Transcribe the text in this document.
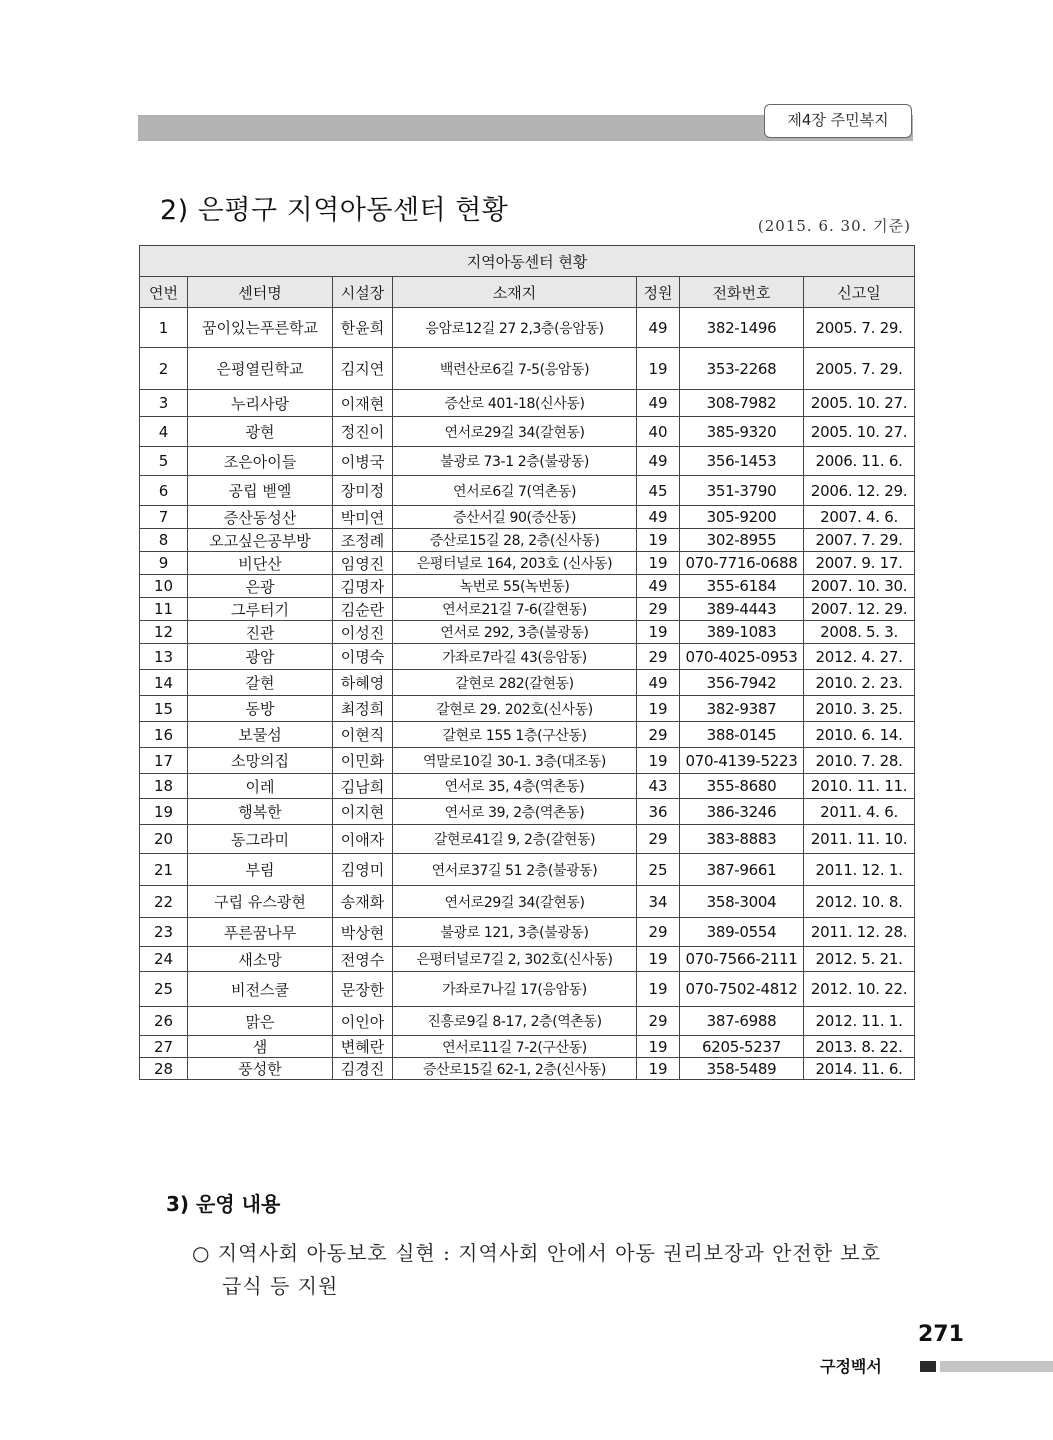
제4장 주민복지
2) 은평구 지역아동센터 현황	(2015. 6. 30. 기준)
지역아동센터 현황						
연번	센터명	시설장	소재지	정원	전화번호	신고일
1	꿈이있는푸른학교	한윤희	응암로12길 27 2,3층(응암동)	49	382-1496	2005. 7. 29.
2	은평열린학교	김지연	백련산로6길 7-5(응암동)	19	353-2268	2005. 7. 29.
3	누리사랑	이재현	증산로 401-18(신사동)	49	308-7982	2005. 10. 27.
4	광현	정진이	연서로29길 34(갈현동)	40	385-9320	2005. 10. 27.
5	조은아이들	이병국	불광로 73-1 2층(불광동)	49	356-1453	2006. 11. 6.
6	공립 벧엘	장미정	연서로6길 7(역촌동)	45	351-3790	2006. 12. 29.
7	증산동성산	박미연	증산서길 90(증산동)	49	305-9200	2007. 4. 6.
8	오고싶은공부방	조정례	증산로15길 28, 2층(신사동)	19	302-8955	2007. 7. 29.
9	비단산	임영진	은평터널로 164, 203호 (신사동)	19	070-7716-0688	2007. 9. 17.
10	은광	김명자	녹번로 55(녹번동)	49	355-6184	2007. 10. 30.
11	그루터기	김순란	연서로21길 7-6(갈현동)	29	389-4443	2007. 12. 29.
12	진관	이성진	연서로 292, 3층(불광동)	19	389-1083	2008. 5. 3.
13	광암	이명숙	가좌로7라길 43(응암동)	29	070-4025-0953	2012. 4. 27.
14	갈현	하혜영	갈현로 282(갈현동)	49	356-7942	2010. 2. 23.
15	동방	최정희	갈현로 29. 202호(신사동)	19	382-9387	2010. 3. 25.
16	보물섬	이현직	갈현로 155 1층(구산동)	29	388-0145	2010. 6. 14.
17	소망의집	이민화	역말로10길 30-1. 3층(대조동)	19	070-4139-5223	2010. 7. 28.
18	이레	김남희	연서로 35, 4층(역촌동)	43	355-8680	2010. 11. 11.
19	행복한	이지현	연서로 39, 2층(역촌동)	36	386-3246	2011. 4. 6.
20	동그라미	이애자	갈현로41길 9, 2층(갈현동)	29	383-8883	2011. 11. 10.
21	부림	김영미	연서로37길 51 2층(불광동)	25	387-9661	2011. 12. 1.
22	구립 유스광현	송재화	연서로29길 34(갈현동)	34	358-3004	2012. 10. 8.
23	푸른꿈나무	박상현	불광로 121, 3층(불광동)	29	389-0554	2011. 12. 28.
24	새소망	전영수	은평터널로7길 2, 302호(신사동)	19	070-7566-2111	2012. 5. 21.
25	비전스쿨	문장한	가좌로7나길 17(응암동)	19	070-7502-4812	2012. 10. 22.
26	맑은	이인아	진흥로9길 8-17, 2층(역촌동)	29	387-6988	2012. 11. 1.
27	샘	변혜란	연서로11길 7-2(구산동)	19	6205-5237	2013. 8. 22.
28	풍성한	김경진	증산로15길 62-1, 2층(신사동)	19	358-5489	2014. 11. 6.
3) 운영 내용
○ 지역사회 아동보호 실현 : 지역사회 안에서 아동 권리보장과 안전한 보호
급식 등 지원
271
구정백서
